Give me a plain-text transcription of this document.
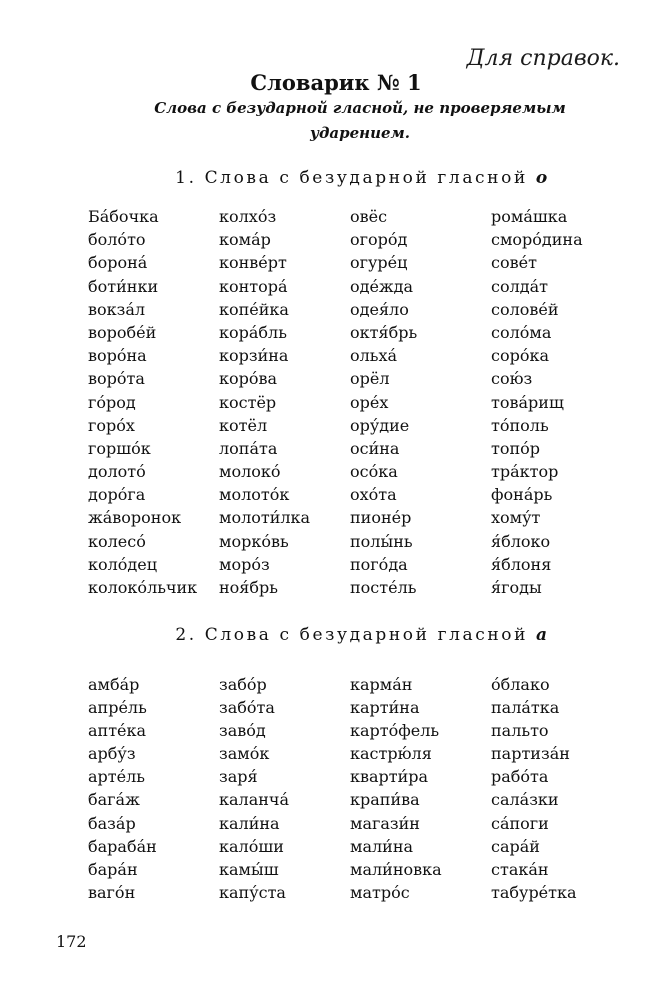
Для справок.
Словарик № 1
Слова с безударной гласной, не проверяемым ударением.
1. Слова с безударной гласной о
Ба́бочка	колхо́з	овёс	рома́шка
боло́то	кома́р	огоро́д	сморо́дина
борона́	конве́рт	огуре́ц	сове́т
боти́нки	контора́	оде́жда	солда́т
вокза́л	копе́йка	одея́ло	солове́й
воробе́й	кора́бль	октя́брь	соло́ма
воро́на	корзи́на	ольха́	соро́ка
воро́та	коро́ва	орёл	сою́з
го́род	костёр	оре́х	това́рищ
горо́х	котёл	ору́дие	то́поль
горшо́к	лопа́та	оси́на	топо́р
долото́	молоко́	осо́ка	тра́ктор
доро́га	молото́к	охо́та	фона́рь
жа́воронок	молоти́лка	пионе́р	хому́т
колесо́	морко́вь	полы́нь	я́блоко
коло́дец	моро́з	пого́да	я́блоня
колоко́льчик	ноя́брь	посте́ль	я́годы
2. Слова с безударной гласной а
амба́р	забо́р	карма́н	о́блако
апре́ль	забо́та	карти́на	пала́тка
апте́ка	заво́д	карто́фель	пальто
арбу́з	замо́к	кастрю́ля	партиза́н
арте́ль	заря́	кварти́ра	рабо́та
бага́ж	каланча́	крапи́ва	сала́зки
база́р	кали́на	магази́н	са́поги
бараба́н	кало́ши	мали́на	сара́й
бара́н	камы́ш	мали́новка	стака́н
ваго́н	капу́ста	матро́с	табуре́тка
172
